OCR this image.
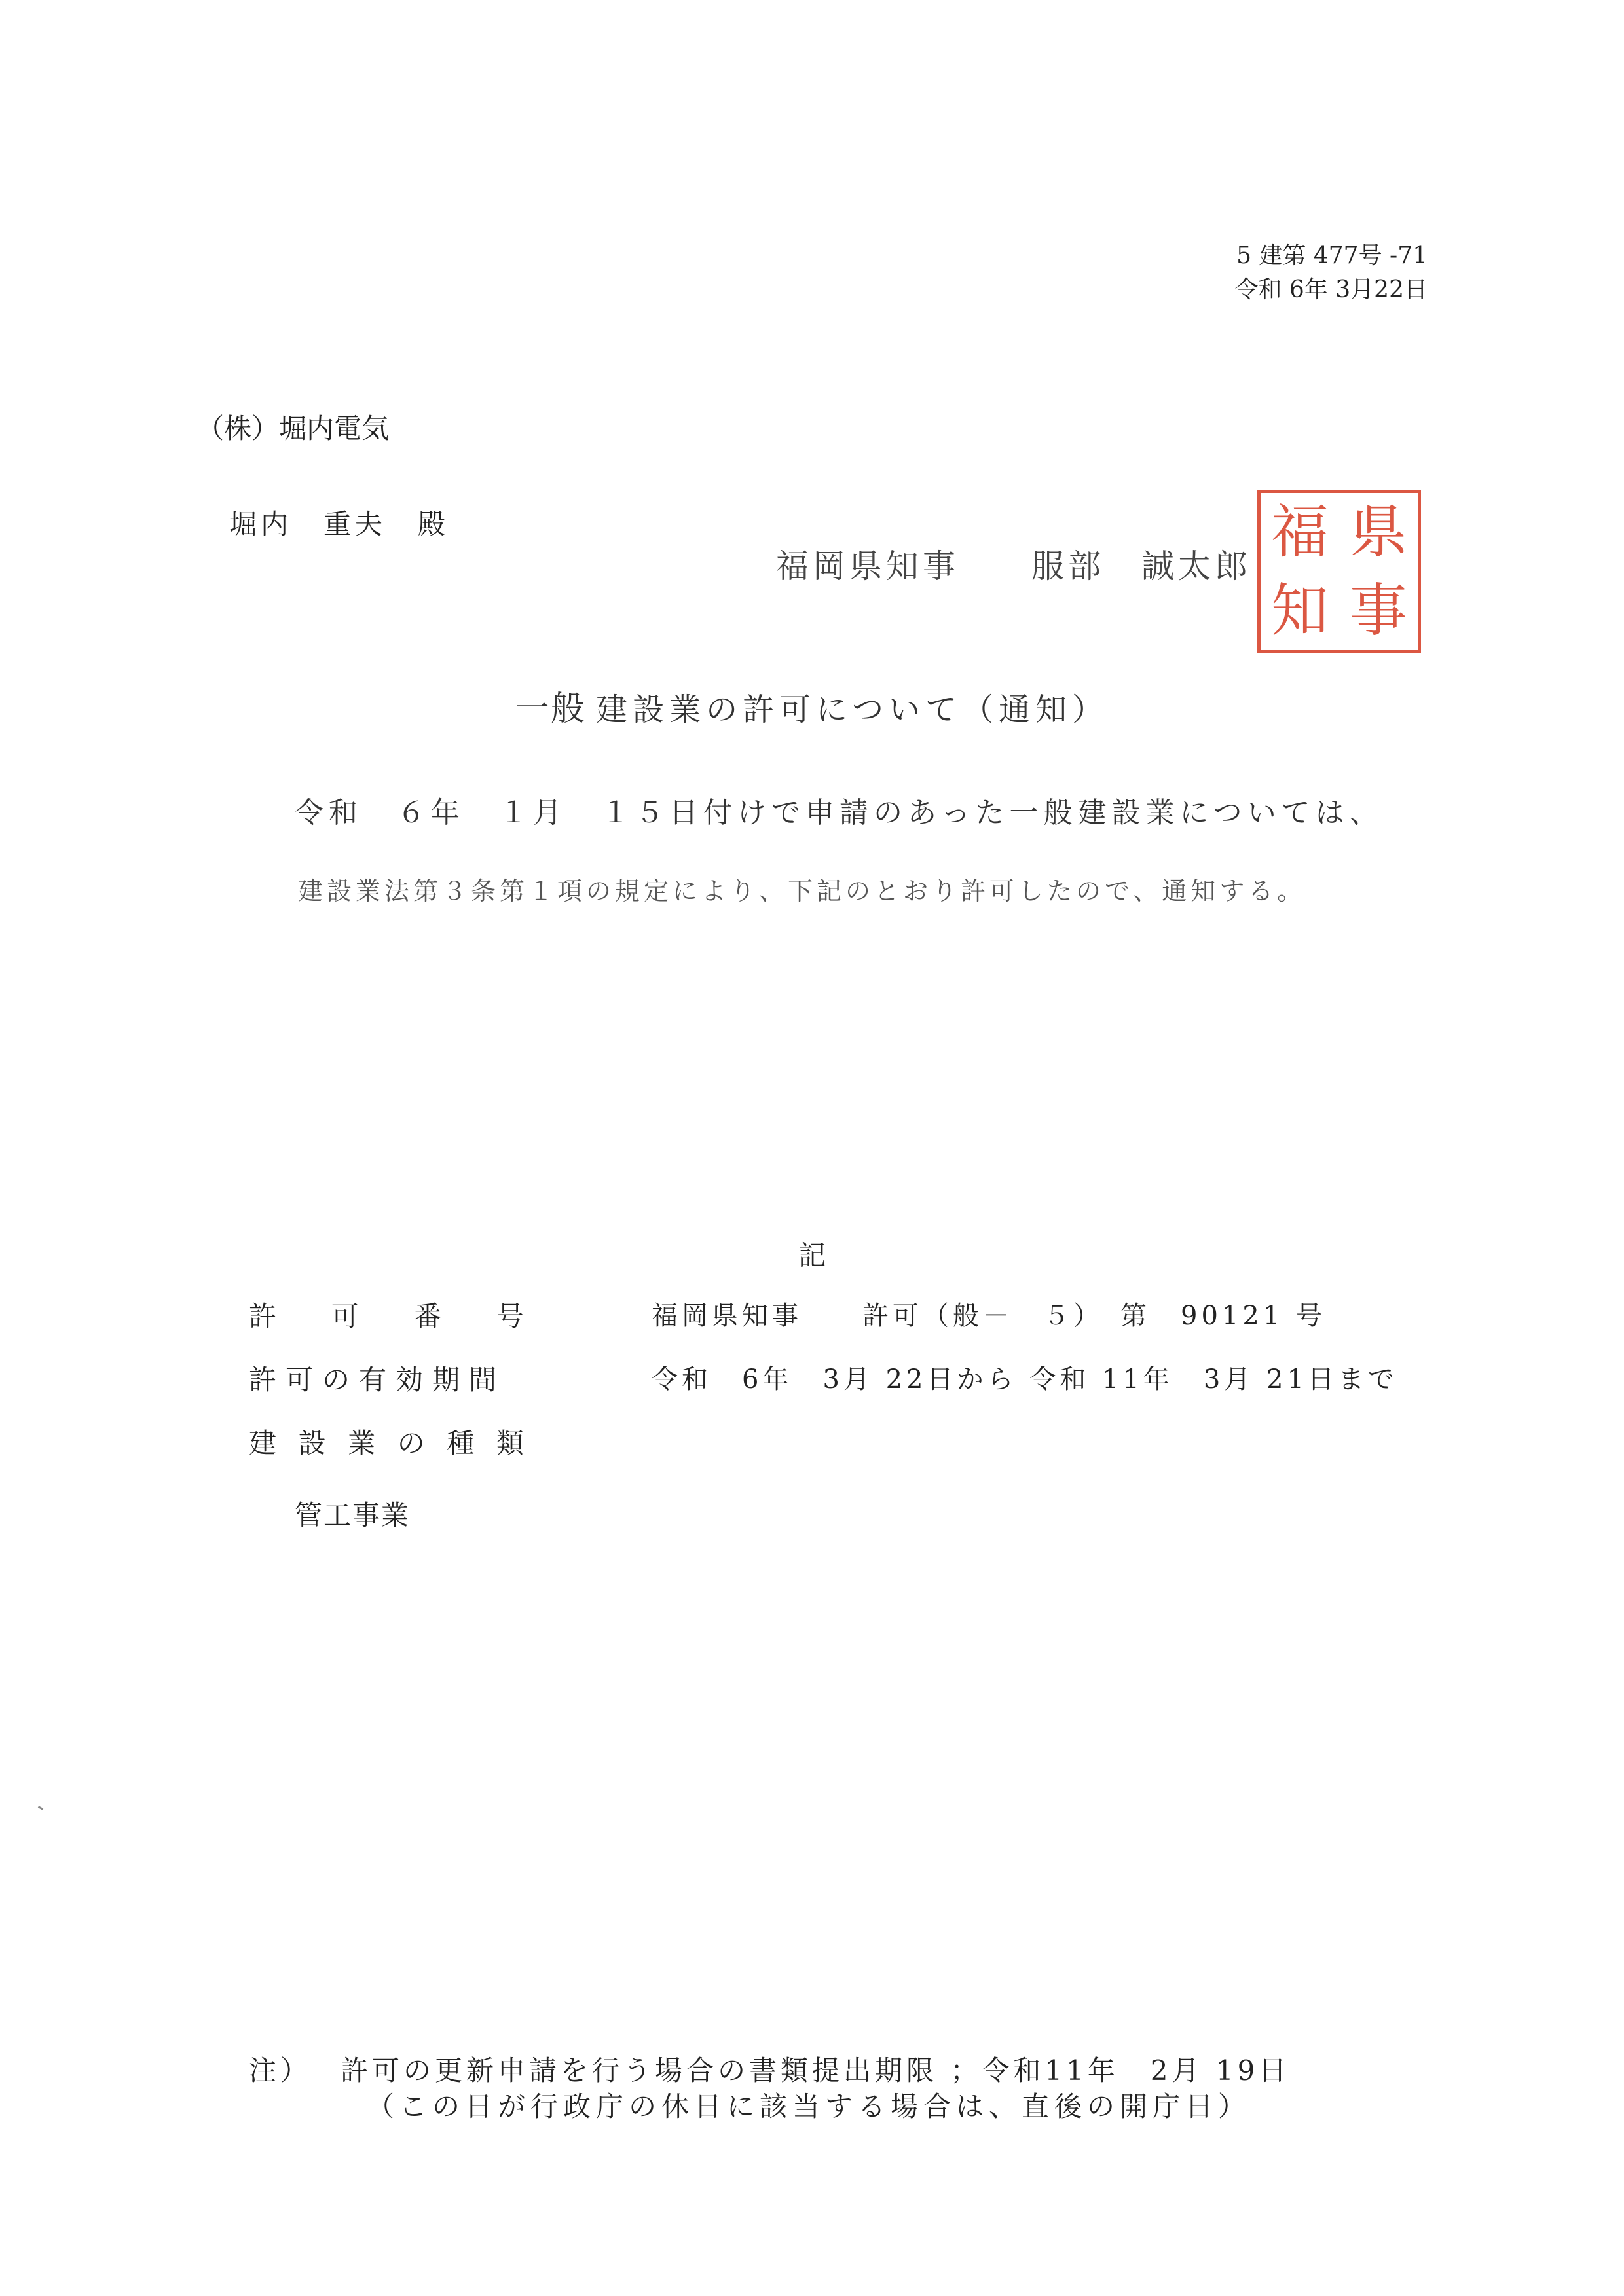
5 建第 477号 -71
令和 6年 3月22日
（株）堀内電気
堀内　重夫　殿
福岡県知事 服部　誠太郎
福
知
県
事
一般 建設業の許可について（通知）
令和　６年　１月　１５日付けで申請のあった一般建設業については、
建設業法第３条第１項の規定により、下記のとおり許可したので、通知する。
記
許 可 番 号	福岡県知事　　許可（般－　５）　第　90121 号
許可の有効期間	令和　6年　3月 22日から 令和 11年　3月 21日まで
建 設 業 の 種 類
管工事業
注） 許可の更新申請を行う場合の書類提出期限 ；令和11年　2月 19日
（この日が行政庁の休日に該当する場合は、直後の開庁日）
